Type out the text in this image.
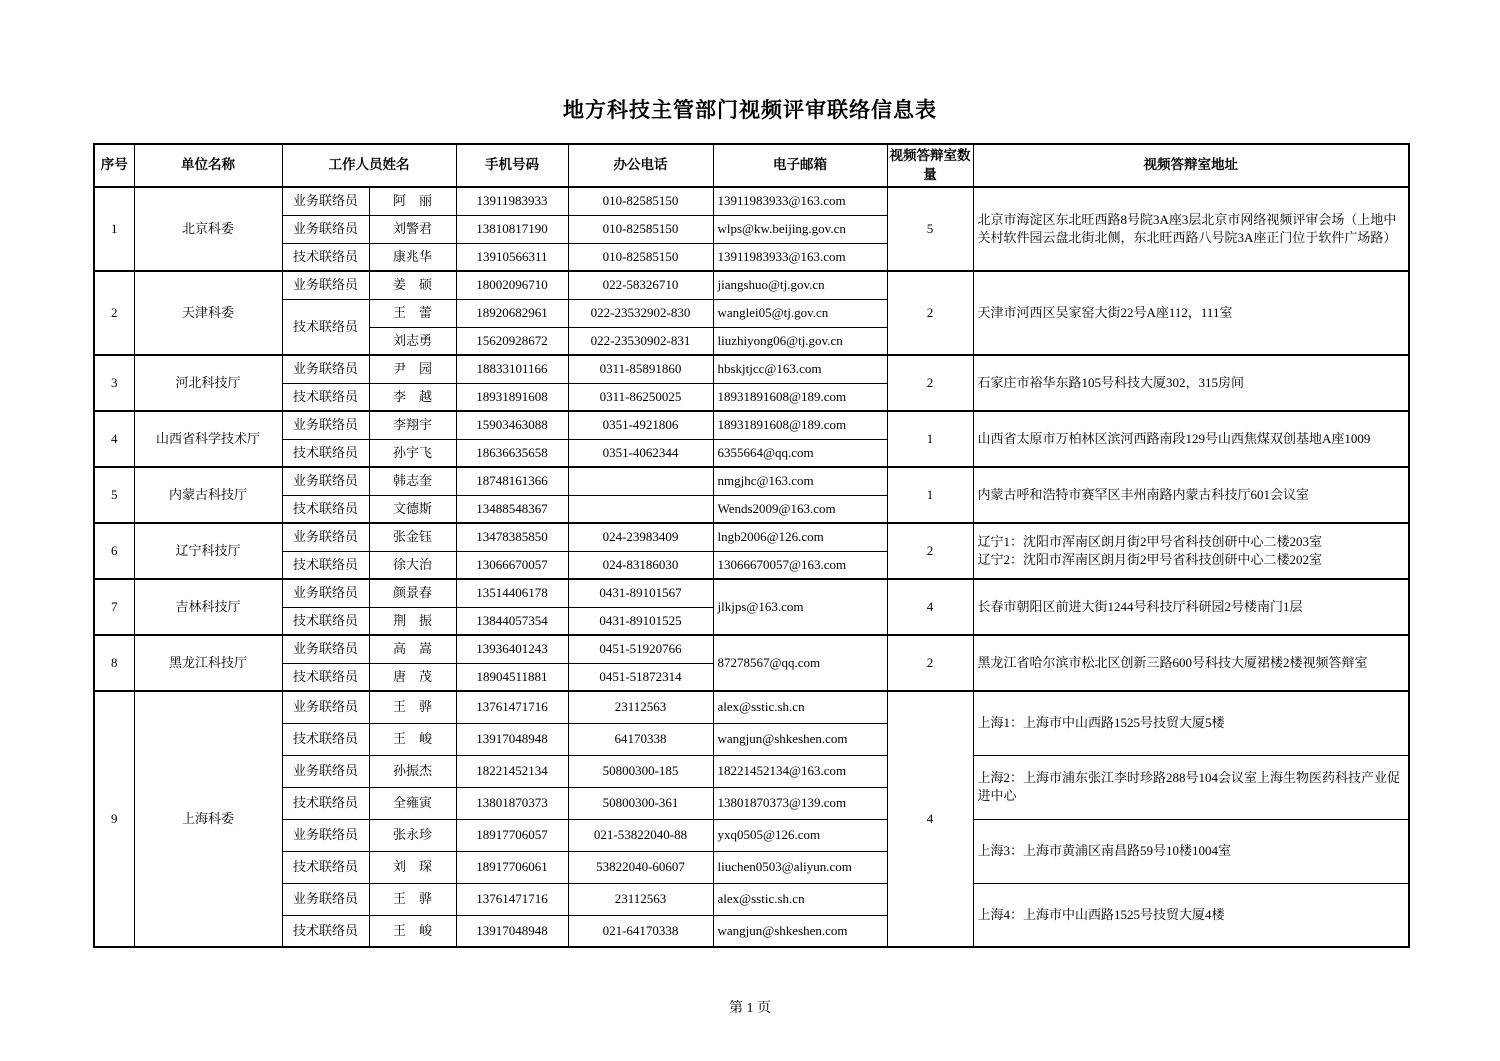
地方科技主管部门视频评审联络信息表
序号	单位名称	工作人员姓名		手机号码	办公电话	电子邮箱	视频答辩室数量	视频答辩室地址
1	北京科委	业务联络员	阿　丽	13911983933	010-82585150	13911983933@163.com	5	北京市海淀区东北旺西路8号院3A座3层北京市网络视频评审会场（上地中关村软件园云盘北街北侧，东北旺西路八号院3A座正门位于软件广场路）
		业务联络员	刘警君	13810817190	010-82585150	wlps@kw.beijing.gov.cn		
		技术联络员	康兆华	13910566311	010-82585150	13911983933@163.com		
2	天津科委	业务联络员	姜　硕	18002096710	022-58326710	jiangshuo@tj.gov.cn	2	天津市河西区吴家窑大街22号A座112，111室
		技术联络员	王　蕾	18920682961	022-23532902-830	wanglei05@tj.gov.cn		
			刘志勇	15620928672	022-23530902-831	liuzhiyong06@tj.gov.cn		
3	河北科技厅	业务联络员	尹　园	18833101166	0311-85891860	hbskjtjcc@163.com	2	石家庄市裕华东路105号科技大厦302，315房间
		技术联络员	李　越	18931891608	0311-86250025	18931891608@189.com		
4	山西省科学技术厅	业务联络员	李翔宇	15903463088	0351-4921806	18931891608@189.com	1	山西省太原市万柏林区滨河西路南段129号山西焦煤双创基地A座1009
		技术联络员	孙宇飞	18636635658	0351-4062344	6355664@qq.com		
5	内蒙古科技厅	业务联络员	韩志奎	18748161366		nmgjhc@163.com	1	内蒙古呼和浩特市赛罕区丰州南路内蒙古科技厅601会议室
		技术联络员	文德斯	13488548367		Wends2009@163.com		
6	辽宁科技厅	业务联络员	张金钰	13478385850	024-23983409	lngb2006@126.com	2	辽宁1：沈阳市浑南区朗月街2甲号省科技创研中心二楼203室
辽宁2：沈阳市浑南区朗月街2甲号省科技创研中心二楼202室

		技术联络员	徐大治	13066670057	024-83186030	13066670057@163.com		
7	吉林科技厅	业务联络员	颜景春	13514406178	0431-89101567	jlkjps@163.com	4	长春市朝阳区前进大街1244号科技厅科研园2号楼南门1层
		技术联络员	荆　振	13844057354	0431-89101525			
8	黑龙江科技厅	业务联络员	高　嵩	13936401243	0451-51920766	87278567@qq.com	2	黑龙江省哈尔滨市松北区创新三路600号科技大厦裙楼2楼视频答辩室
		技术联络员	唐　茂	18904511881	0451-51872314			
9	上海科委	业务联络员	王　骅	13761471716	23112563	alex@sstic.sh.cn	4	上海1：上海市中山西路1525号技贸大厦5楼
		技术联络员	王　峻	13917048948	64170338	wangjun@shkeshen.com		
		业务联络员	孙振杰	18221452134	50800300-185	18221452134@163.com		上海2：上海市浦东张江李时珍路288号104会议室上海生物医药科技产业促进中心
		技术联络员	全雍寅	13801870373	50800300-361	13801870373@139.com		
		业务联络员	张永珍	18917706057	021-53822040-88	yxq0505@126.com		上海3：上海市黄浦区南昌路59号10楼1004室
		技术联络员	刘　琛	18917706061	53822040-60607	liuchen0503@aliyun.com		
		业务联络员	王　骅	13761471716	23112563	alex@sstic.sh.cn		上海4：上海市中山西路1525号技贸大厦4楼
		技术联络员	王　峻	13917048948	021-64170338	wangjun@shkeshen.com		
第 1 页
